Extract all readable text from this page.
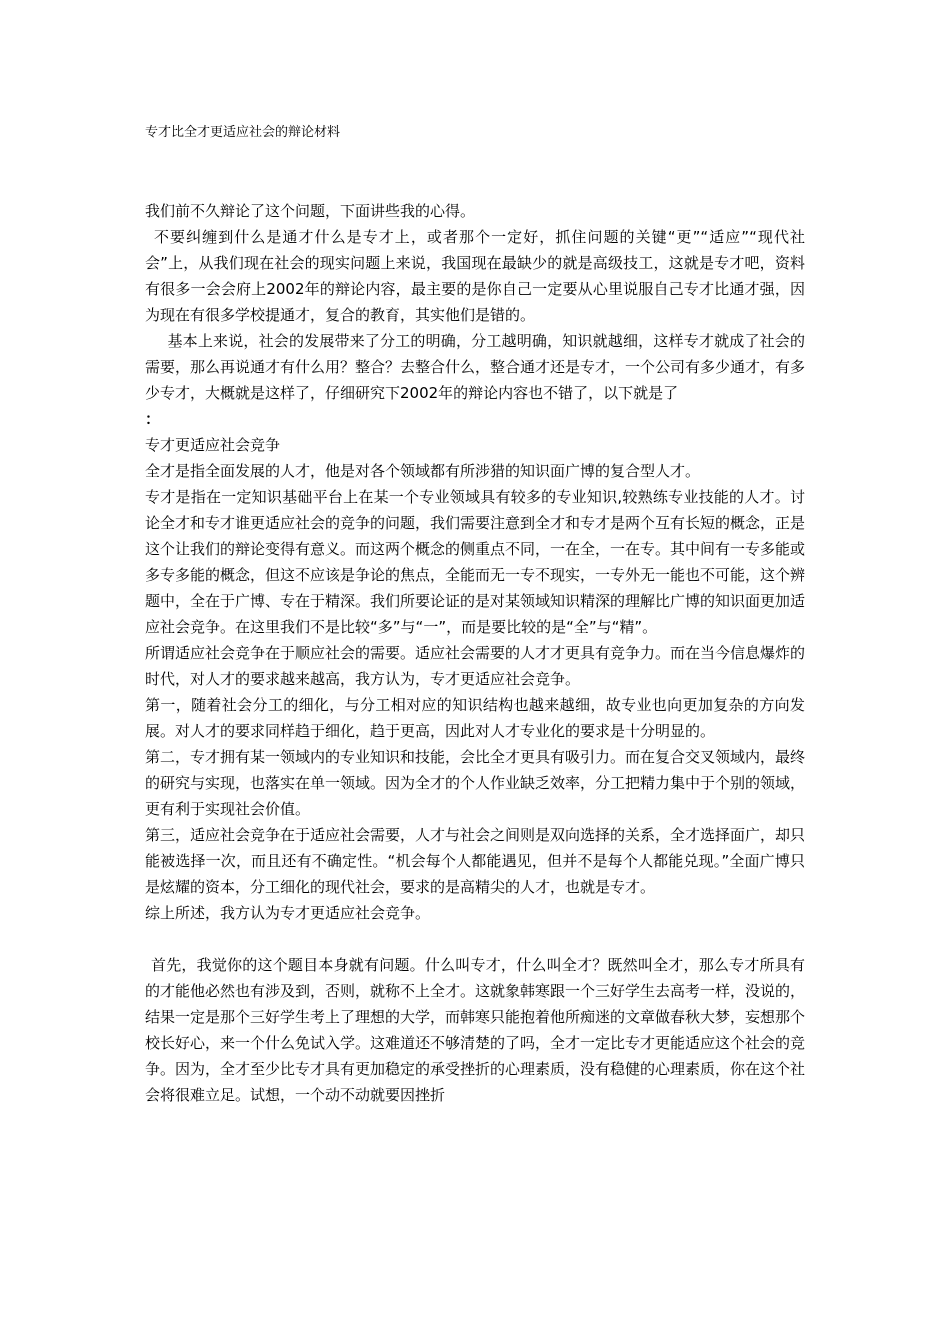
专才比全才更适应社会的辩论材料

我们前不久辩论了这个问题，下面讲些我的心得。

不要纠缠到什么是通才什么是专才上，或者那个一定好，抓住问题的关键“更”“适应”“现代社会”上，从我们现在社会的现实问题上来说，我国现在最缺少的就是高级技工，这就是专才吧，资料有很多一会会府上2002年的辩论内容，最主要的是你自己一定要从心里说服自己专才比通才强，因为现在有很多学校提通才，复合的教育，其实他们是错的。

基本上来说，社会的发展带来了分工的明确，分工越明确，知识就越细，这样专才就成了社会的需要，那么再说通才有什么用？整合？去整合什么，整合通才还是专才，一个公司有多少通才，有多少专才，大概就是这样了，仔细研究下2002年的辩论内容也不错了，以下就是了

：

专才更适应社会竞争

全才是指全面发展的人才，他是对各个领域都有所涉猎的知识面广博的复合型人才。

专才是指在一定知识基础平台上在某一个专业领域具有较多的专业知识,较熟练专业技能的人才。讨论全才和专才谁更适应社会的竞争的问题，我们需要注意到全才和专才是两个互有长短的概念，正是这个让我们的辩论变得有意义。而这两个概念的侧重点不同，一在全，一在专。其中间有一专多能或多专多能的概念，但这不应该是争论的焦点，全能而无一专不现实，一专外无一能也不可能，这个辨题中，全在于广博、专在于精深。我们所要论证的是对某领域知识精深的理解比广博的知识面更加适应社会竞争。在这里我们不是比较“多”与“一”，而是要比较的是“全”与“精”。

所谓适应社会竞争在于顺应社会的需要。适应社会需要的人才才更具有竞争力。而在当今信息爆炸的时代，对人才的要求越来越高，我方认为，专才更适应社会竞争。

第一，随着社会分工的细化，与分工相对应的知识结构也越来越细，故专业也向更加复杂的方向发展。对人才的要求同样趋于细化，趋于更高，因此对人才专业化的要求是十分明显的。

第二，专才拥有某一领域内的专业知识和技能，会比全才更具有吸引力。而在复合交叉领域内，最终的研究与实现，也落实在单一领域。因为全才的个人作业缺乏效率，分工把精力集中于个别的领域，更有利于实现社会价值。

第三，适应社会竞争在于适应社会需要，人才与社会之间则是双向选择的关系，全才选择面广，却只能被选择一次，而且还有不确定性。“机会每个人都能遇见，但并不是每个人都能兑现。”全面广博只是炫耀的资本，分工细化的现代社会，要求的是高精尖的人才，也就是专才。

综上所述，我方认为专才更适应社会竞争。

首先，我觉你的这个题目本身就有问题。什么叫专才，什么叫全才？既然叫全才，那么专才所具有的才能他必然也有涉及到，否则，就称不上全才。这就象韩寒跟一个三好学生去高考一样，没说的，结果一定是那个三好学生考上了理想的大学，而韩寒只能抱着他所痴迷的文章做春秋大梦，妄想那个校长好心，来一个什么免试入学。这难道还不够清楚的了吗，全才一定比专才更能适应这个社会的竞争。因为，全才至少比专才具有更加稳定的承受挫折的心理素质，没有稳健的心理素质，你在这个社会将很难立足。试想，一个动不动就要因挫折
